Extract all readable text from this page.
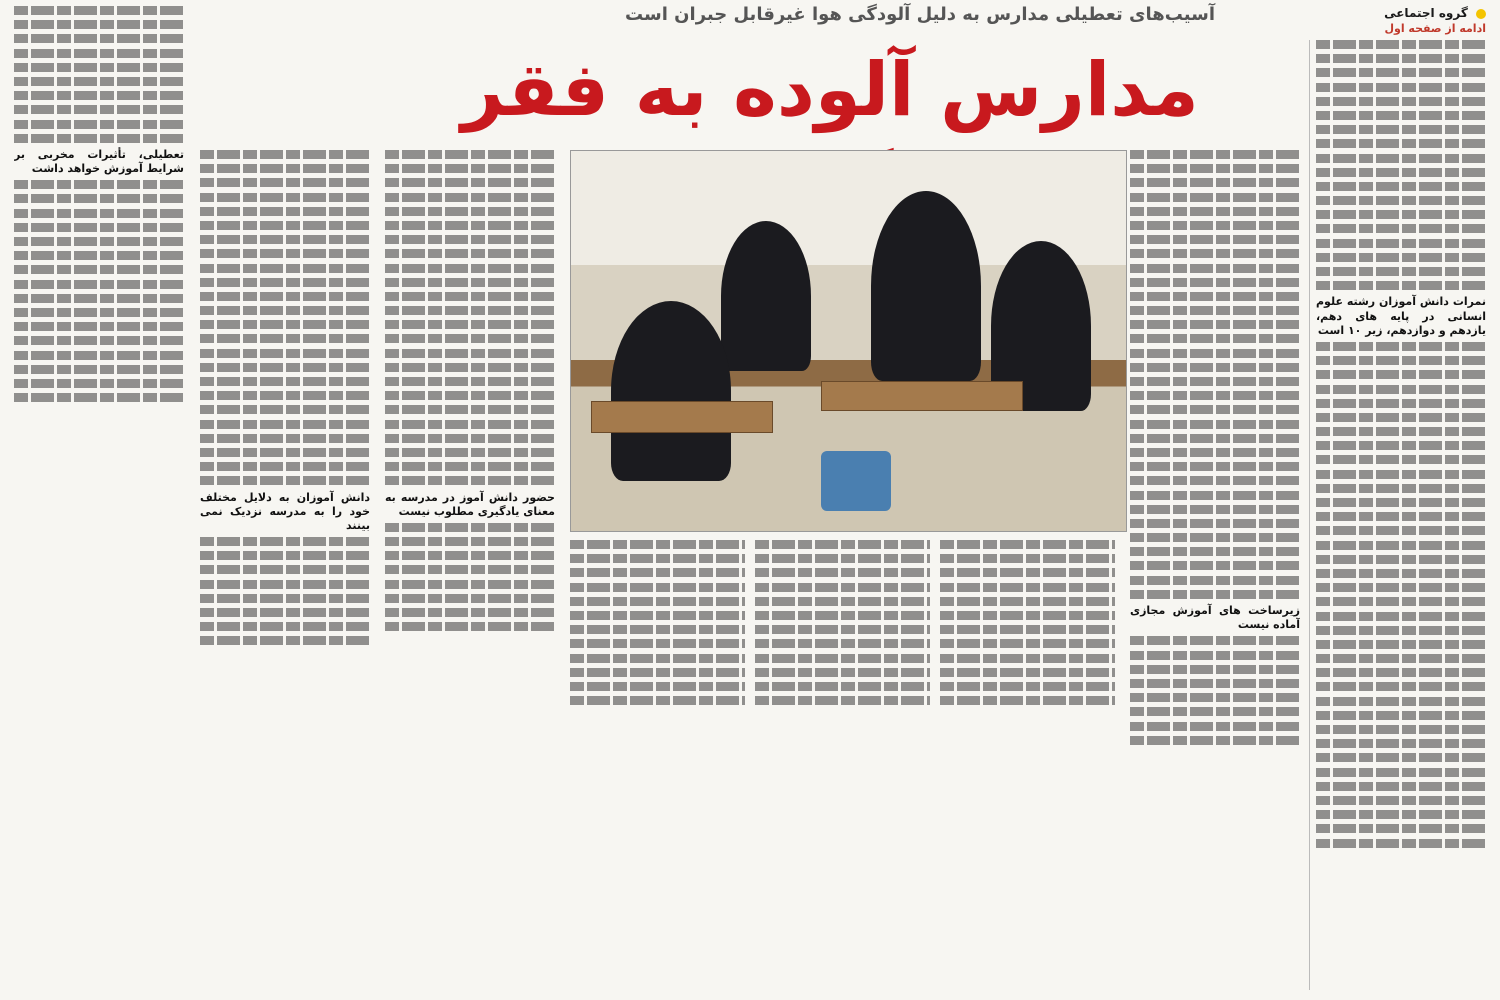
گروه اجتماعی
ادامه از صفحه اول
آسیب‌های تعطیلی مدارس به دلیل آلودگی هوا غیرقابل جبران است
مدارس آلوده به فقر
نمرات دانش آموزان رشته علوم انسانی در پایه های دهم، یازدهم و دوازدهم، زیر ۱۰ است
زیرساخت های آموزش مجازی آماده نیست
حضور دانش آموز در مدرسه به معنای یادگیری مطلوب نیست
دانش آموزان به دلایل مختلف خود را به مدرسه نزدیک نمی بینند
تعطیلی، تأثیرات مخربی بر شرایط آموزش خواهد داشت
